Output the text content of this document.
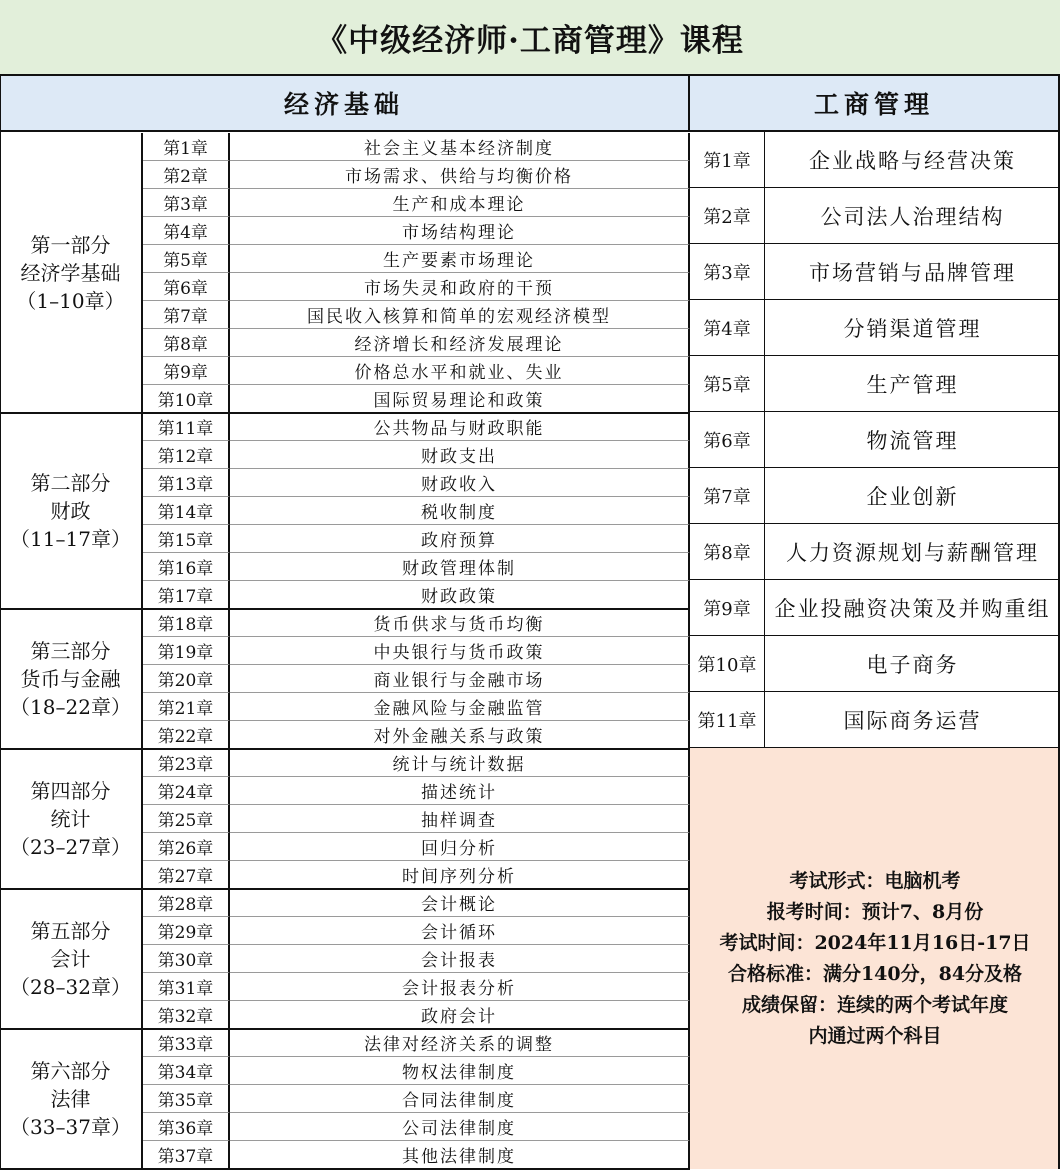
《中级经济师·工商管理》课程
经济基础	工商管理
第一部分
经济学基础
（1–10章）
第1章	社会主义基本经济制度
第2章	市场需求、供给与均衡价格
第3章	生产和成本理论
第4章	市场结构理论
第5章	生产要素市场理论
第6章	市场失灵和政府的干预
第7章	国民收入核算和简单的宏观经济模型
第8章	经济增长和经济发展理论
第9章	价格总水平和就业、失业
第10章	国际贸易理论和政策
第二部分
财政
（11–17章）
第11章	公共物品与财政职能
第12章	财政支出
第13章	财政收入
第14章	税收制度
第15章	政府预算
第16章	财政管理体制
第17章	财政政策
第三部分
货币与金融
（18–22章）
第18章	货币供求与货币均衡
第19章	中央银行与货币政策
第20章	商业银行与金融市场
第21章	金融风险与金融监管
第22章	对外金融关系与政策
第四部分
统计
（23–27章）
第23章	统计与统计数据
第24章	描述统计
第25章	抽样调查
第26章	回归分析
第27章	时间序列分析
第五部分
会计
（28–32章）
第28章	会计概论
第29章	会计循环
第30章	会计报表
第31章	会计报表分析
第32章	政府会计
第六部分
法律
（33–37章）
第33章	法律对经济关系的调整
第34章	物权法律制度
第35章	合同法律制度
第36章	公司法律制度
第37章	其他法律制度
第1章	企业战略与经营决策
第2章	公司法人治理结构
第3章	市场营销与品牌管理
第4章	分销渠道管理
第5章	生产管理
第6章	物流管理
第7章	企业创新
第8章	人力资源规划与薪酬管理
第9章	企业投融资决策及并购重组
第10章	电子商务
第11章	国际商务运营
考试形式：电脑机考
报考时间：预计7、8月份
考试时间：2024年11月16日-17日
合格标准：满分140分，84分及格
成绩保留：连续的两个考试年度
内通过两个科目
